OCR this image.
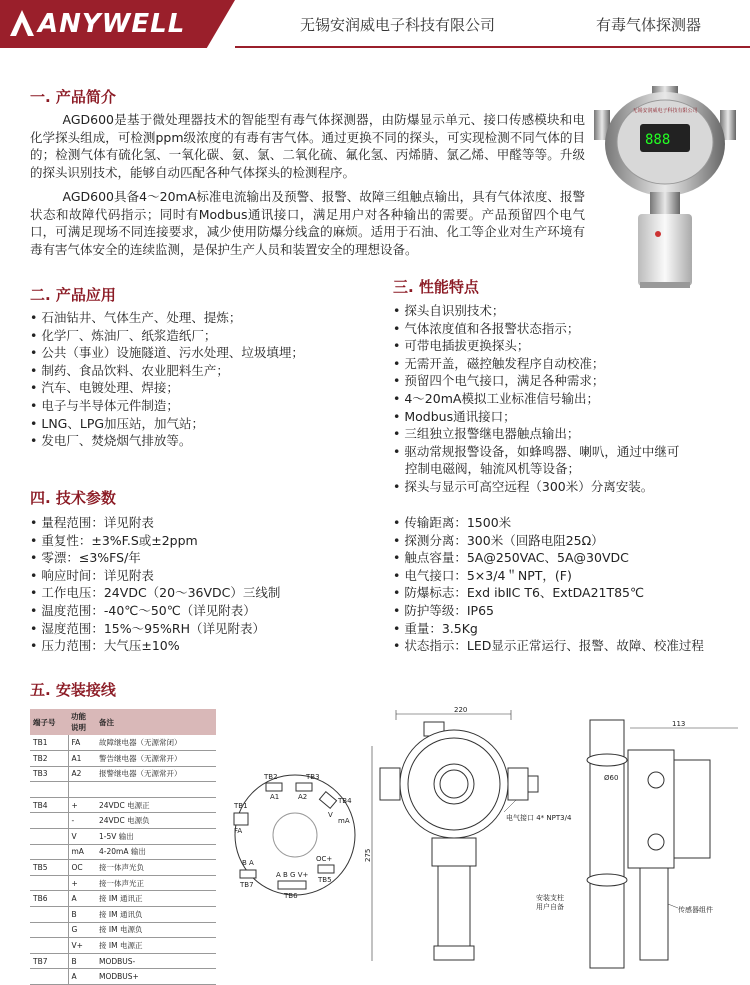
ANYWELL	无锡安润威电子科技有限公司	有毒气体探测器
一. 产品简介
AGD600是基于微处理器技术的智能型有毒气体探测器，由防爆显示单元、接口传感模块和电化学探头组成，可检测ppm级浓度的有毒有害气体。通过更换不同的探头，可实现检测不同气体的目的；检测气体有硫化氢、一氧化碳、氨、氯、二氧化硫、氟化氢、丙烯腈、氯乙烯、甲醛等等。升级的探头识别技术，能够自动匹配各种气体探头的检测程序。
AGD600具备4～20mA标准电流输出及预警、报警、故障三组触点输出，具有气体浓度、报警状态和故障代码指示；同时有Modbus通讯接口，满足用户对各种输出的需要。产品预留四个电气口，可满足现场不同连接要求，减少使用防爆分线盒的麻烦。适用于石油、化工等企业对生产环境有毒有害气体安全的连续监测，是保护生产人员和装置安全的理想设备。
888
无锡安润威电子科技有限公司
二. 产品应用
• 石油钻井、气体生产、处理、提炼；
• 化学厂、炼油厂、纸浆造纸厂；
• 公共（事业）设施隧道、污水处理、垃圾填埋；
• 制药、食品饮料、农业肥料生产；
• 汽车、电镀处理、焊接；
• 电子与半导体元件制造；
• LNG、LPG加压站，加气站；
• 发电厂、焚烧烟气排放等。
三. 性能特点
• 探头自识别技术；
• 气体浓度值和各报警状态指示；
• 可带电插拔更换探头；
• 无需开盖，磁控触发程序自动校准；
• 预留四个电气接口，满足各种需求；
• 4～20mA模拟工业标准信号输出；
• Modbus通讯接口；
• 三组独立报警继电器触点输出；
• 驱动常规报警设备，如蜂鸣器、喇叭，通过中继可
控制电磁阀，轴流风机等设备；
• 探头与显示可高空远程（300米）分离安装。
四. 技术参数
• 量程范围：详见附表
• 重复性：±3%F.S或±2ppm
• 零漂：≤3%FS/年
• 响应时间：详见附表
• 工作电压：24VDC（20～36VDC）三线制
• 温度范围：-40℃～50℃（详见附表）
• 湿度范围：15%～95%RH（详见附表）
• 压力范围：大气压±10%
• 传输距离：1500米
• 探测分离：300米（回路电阻25Ω）
• 触点容量：5A@250VAC、5A@30VDC
• 电气接口：5×3/4＂NPT，(F)
• 防爆标志：Exd ibⅡC T6、ExtDA21T85℃
• 防护等级：IP65
• 重量：3.5Kg
• 状态指示：LED显示正常运行、报警、故障、校准过程
五. 安装接线
端子号	功能说明	备注
TB1	FA	故障继电器（无源常闭）
TB2	A1	警告继电器（无源常开）
TB3	A2	报警继电器（无源常开）

TB4	+	24VDC 电源正
	-	24VDC 电源负
	V	1-5V 输出
	mA	4-20mA 输出
TB5	OC	接一体声光负
	+	接一体声光正
TB6	A	接 IM 通讯正
	B	接 IM 通讯负
	G	接 IM 电源负
	V+	接 IM 电源正
TB7	B	MODBUS-
	A	MODBUS+
TB2	TB3
A1	A2
TB1
FA
TB4
V
mA
B A
TB7
A B G V+
TB6
OC+
TB5
220
275
电气接口 4* NPT3/4
113
Ø60
安装支柱用户自备	传感器组件
